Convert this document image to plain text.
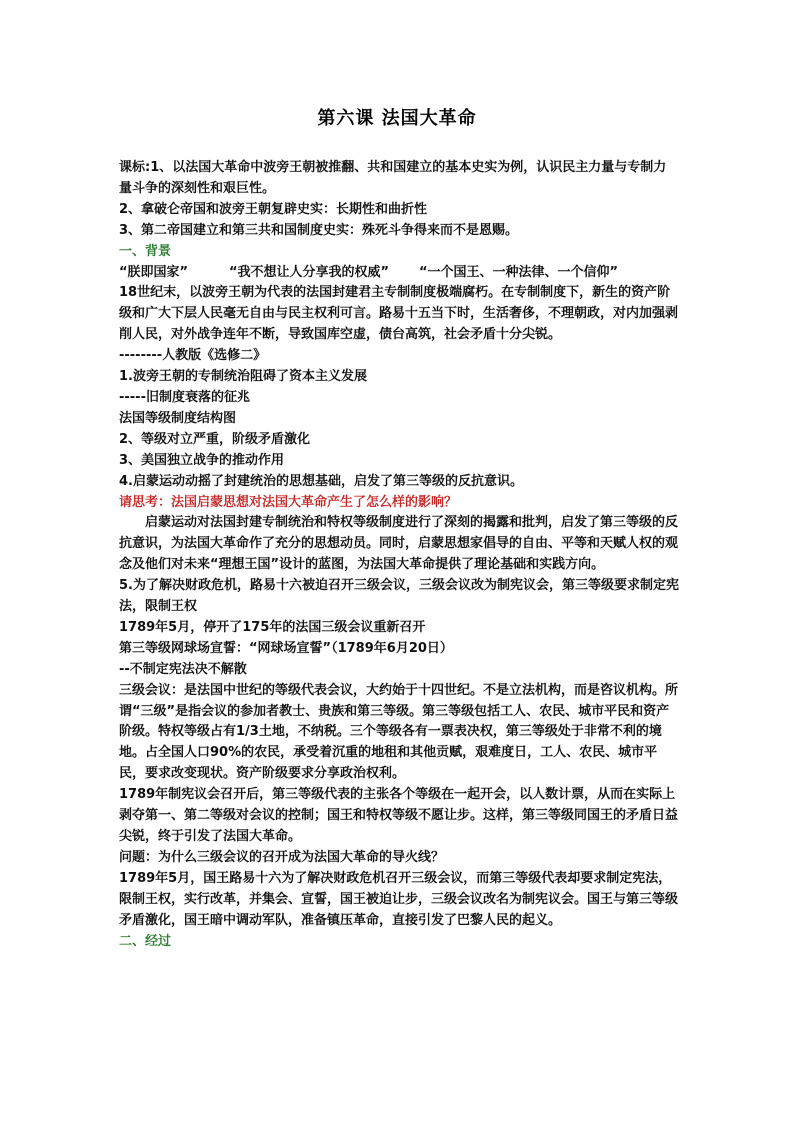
第六课 法国大革命

课标:1、以法国大革命中波旁王朝被推翻、共和国建立的基本史实为例，认识民主力量与专制力量斗争的深刻性和艰巨性。

2、拿破仑帝国和波旁王朝复辟史实：长期性和曲折性

3、第二帝国建立和第三共和国制度史实：殊死斗争得来而不是恩赐。

一、背景

“朕即国家”	“我不想让人分享我的权威” “一个国王、一种法律、一个信仰”

18世纪末，以波旁王朝为代表的法国封建君主专制制度极端腐朽。在专制制度下，新生的资产阶级和广大下层人民毫无自由与民主权利可言。路易十五当下时，生活奢侈，不理朝政，对内加强剥削人民，对外战争连年不断，导致国库空虚，债台高筑，社会矛盾十分尖锐。

--------人教版《选修二》

1.波旁王朝的专制统治阻碍了资本主义发展

-----旧制度衰落的征兆

法国等级制度结构图

2、等级对立严重，阶级矛盾激化

3、美国独立战争的推动作用

4.启蒙运动动摇了封建统治的思想基础，启发了第三等级的反抗意识。

请思考：法国启蒙思想对法国大革命产生了怎么样的影响？

启蒙运动对法国封建专制统治和特权等级制度进行了深刻的揭露和批判，启发了第三等级的反抗意识，为法国大革命作了充分的思想动员。同时，启蒙思想家倡导的自由、平等和天赋人权的观念及他们对未来“理想王国”设计的蓝图，为法国大革命提供了理论基础和实践方向。

5.为了解决财政危机，路易十六被迫召开三级会议，三级会议改为制宪议会，第三等级要求制定宪法，限制王权

1789年5月，停开了175年的法国三级会议重新召开

第三等级网球场宣誓：“网球场宣誓”（1789年6月20日）

--不制定宪法决不解散

三级会议：是法国中世纪的等级代表会议，大约始于十四世纪。不是立法机构，而是咨议机构。所谓“三级”是指会议的参加者教士、贵族和第三等级。第三等级包括工人、农民、城市平民和资产阶级。特权等级占有1/3土地，不纳税。三个等级各有一票表决权，第三等级处于非常不利的境地。占全国人口90%的农民，承受着沉重的地租和其他贡赋，艰难度日，工人、农民、城市平民，要求改变现状。资产阶级要求分享政治权利。

1789年制宪议会召开后，第三等级代表的主张各个等级在一起开会，以人数计票，从而在实际上剥夺第一、第二等级对会议的控制；国王和特权等级不愿让步。这样，第三等级同国王的矛盾日益尖锐，终于引发了法国大革命。

问题：为什么三级会议的召开成为法国大革命的导火线？

1789年5月，国王路易十六为了解决财政危机召开三级会议，而第三等级代表却要求制定宪法，限制王权，实行改革，并集会、宣誓，国王被迫让步，三级会议改名为制宪议会。国王与第三等级矛盾激化，国王暗中调动军队，准备镇压革命，直接引发了巴黎人民的起义。

二、经过
